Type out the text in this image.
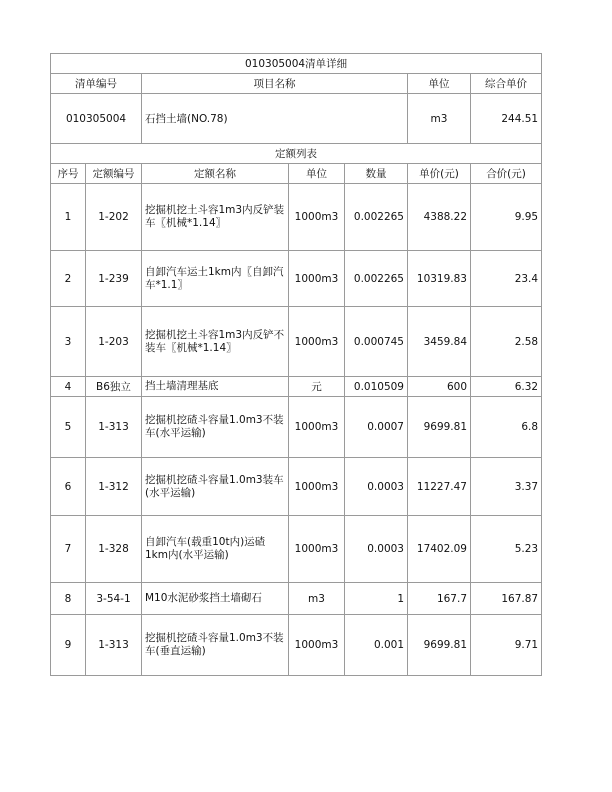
010305004清单详细						
清单编号		项目名称			单位	综合单价
010305004		石挡土墙(NO.78)			m3	244.51
定额列表						
序号	定额编号	定额名称	单位	数量	单价(元)	合价(元)
1	1-202	挖掘机挖土斗容1m3内反铲装车〖机械*1.14〗	1000m3	0.002265	4388.22	9.95
2	1-239	自卸汽车运土1km内〖自卸汽车*1.1〗	1000m3	0.002265	10319.83	23.4
3	1-203	挖掘机挖土斗容1m3内反铲不装车〖机械*1.14〗	1000m3	0.000745	3459.84	2.58
4	B6独立	挡土墙清理基底	元	0.010509	600	6.32
5	1-313	挖掘机挖碴斗容量1.0m3不装车(水平运输)	1000m3	0.0007	9699.81	6.8
6	1-312	挖掘机挖碴斗容量1.0m3装车(水平运输)	1000m3	0.0003	11227.47	3.37
7	1-328	自卸汽车(载重10t内)运碴1km内(水平运输)	1000m3	0.0003	17402.09	5.23
8	3-54-1	M10水泥砂浆挡土墙砌石	m3	1	167.7	167.87
9	1-313	挖掘机挖碴斗容量1.0m3不装车(垂直运输)	1000m3	0.001	9699.81	9.71
